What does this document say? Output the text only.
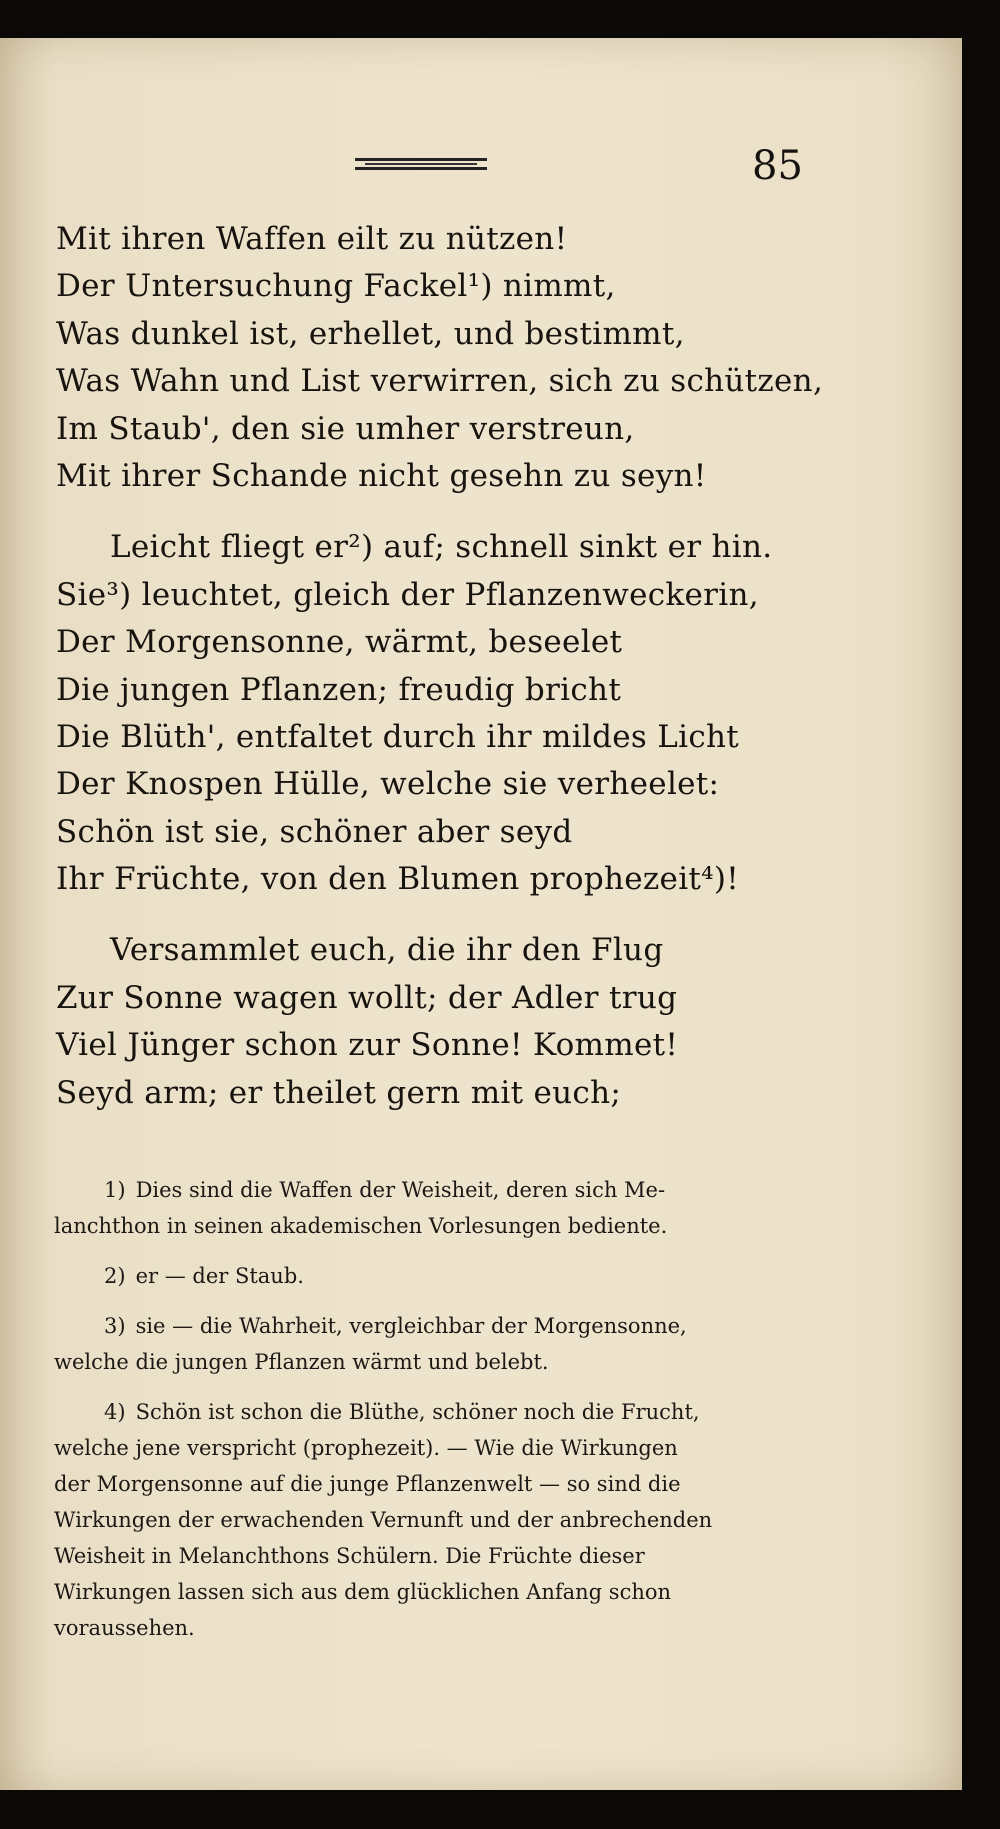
85
Mit ihren Waffen eilt zu nützen!
Der Untersuchung Fackel¹) nimmt,
Was dunkel ist, erhellet, und bestimmt,
Was Wahn und List verwirren, sich zu schützen,
Im Staub', den sie umher verstreun,
Mit ihrer Schande nicht gesehn zu seyn!
Leicht fliegt er²) auf; schnell sinkt er hin.
Sie³) leuchtet, gleich der Pflanzenweckerin,
Der Morgensonne, wärmt, beseelet
Die jungen Pflanzen; freudig bricht
Die Blüth', entfaltet durch ihr mildes Licht
Der Knospen Hülle, welche sie verheelet:
Schön ist sie, schöner aber seyd
Ihr Früchte, von den Blumen prophezeit⁴)!
Versammlet euch, die ihr den Flug
Zur Sonne wagen wollt; der Adler trug
Viel Jünger schon zur Sonne! Kommet!
Seyd arm; er theilet gern mit euch;
1) Dies sind die Waffen der Weisheit, deren sich Me-
lanchthon in seinen akademischen Vorlesungen bediente.
2) er — der Staub.
3) sie — die Wahrheit, vergleichbar der Morgensonne,
welche die jungen Pflanzen wärmt und belebt.
4) Schön ist schon die Blüthe, schöner noch die Frucht,
welche jene verspricht (prophezeit). — Wie die Wirkungen
der Morgensonne auf die junge Pflanzenwelt — so sind die
Wirkungen der erwachenden Vernunft und der anbrechenden
Weisheit in Melanchthons Schülern. Die Früchte dieser
Wirkungen lassen sich aus dem glücklichen Anfang schon
voraussehen.
